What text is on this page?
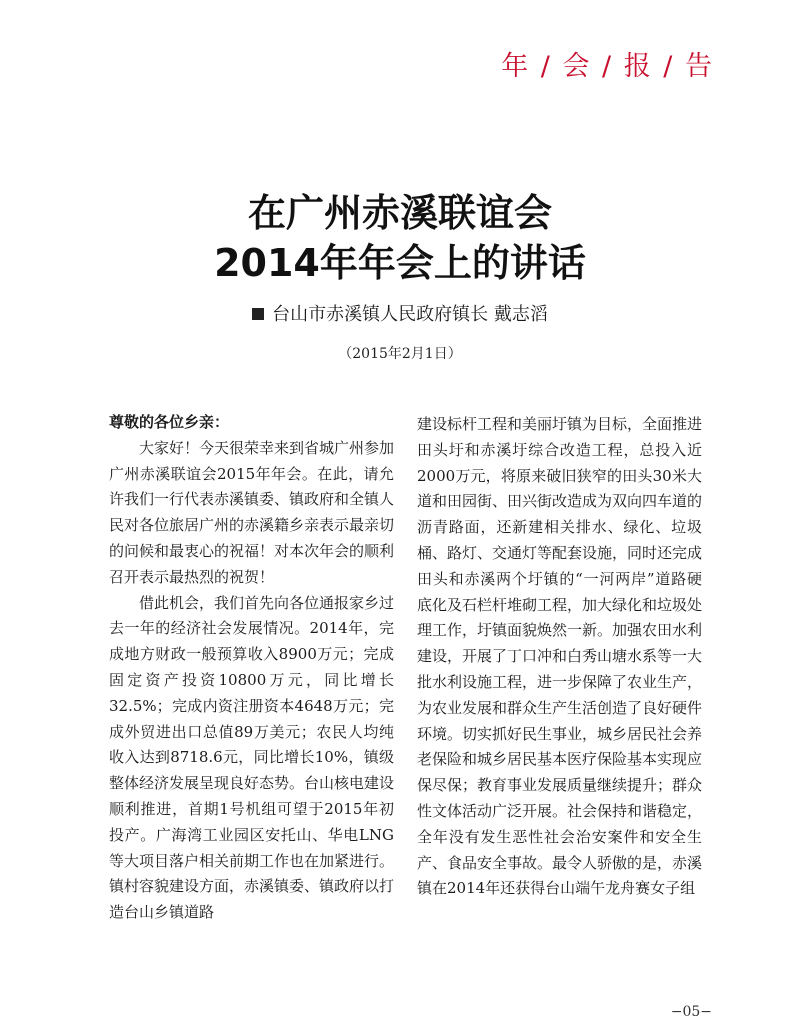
年 / 会 / 报 / 告
在广州赤溪联谊会
2014年年会上的讲话
台山市赤溪镇人民政府镇长 戴志滔
（2015年2月1日）

尊敬的各位乡亲：

大家好！今天很荣幸来到省城广州参加广州赤溪联谊会2015年年会。在此，请允许我们一行代表赤溪镇委、镇政府和全镇人民对各位旅居广州的赤溪籍乡亲表示最亲切的问候和最衷心的祝福！对本次年会的顺利召开表示最热烈的祝贺！

借此机会，我们首先向各位通报家乡过去一年的经济社会发展情况。2014年，完成地方财政一般预算收入8900万元；完成固定资产投资10800万元，同比增长32.5%；完成内资注册资本4648万元；完成外贸进出口总值89万美元；农民人均纯收入达到8718.6元，同比增长10%，镇级整体经济发展呈现良好态势。台山核电建设顺利推进，首期1号机组可望于2015年初投产。广海湾工业园区安托山、华电LNG等大项目落户相关前期工作也在加紧进行。镇村容貌建设方面，赤溪镇委、镇政府以打造台山乡镇道路

建设标杆工程和美丽圩镇为目标，全面推进田头圩和赤溪圩综合改造工程，总投入近2000万元，将原来破旧狭窄的田头30米大道和田园街、田兴街改造成为双向四车道的沥青路面，还新建相关排水、绿化、垃圾桶、路灯、交通灯等配套设施，同时还完成田头和赤溪两个圩镇的“一河两岸”道路硬底化及石栏杆堆砌工程，加大绿化和垃圾处理工作，圩镇面貌焕然一新。加强农田水利建设，开展了丁口冲和白秀山塘水系等一大批水利设施工程，进一步保障了农业生产，为农业发展和群众生产生活创造了良好硬件环境。切实抓好民生事业，城乡居民社会养老保险和城乡居民基本医疗保险基本实现应保尽保；教育事业发展质量继续提升；群众性文体活动广泛开展。社会保持和谐稳定，全年没有发生恶性社会治安案件和安全生产、食品安全事故。最令人骄傲的是，赤溪镇在2014年还获得台山端午龙舟赛女子组

−05−
